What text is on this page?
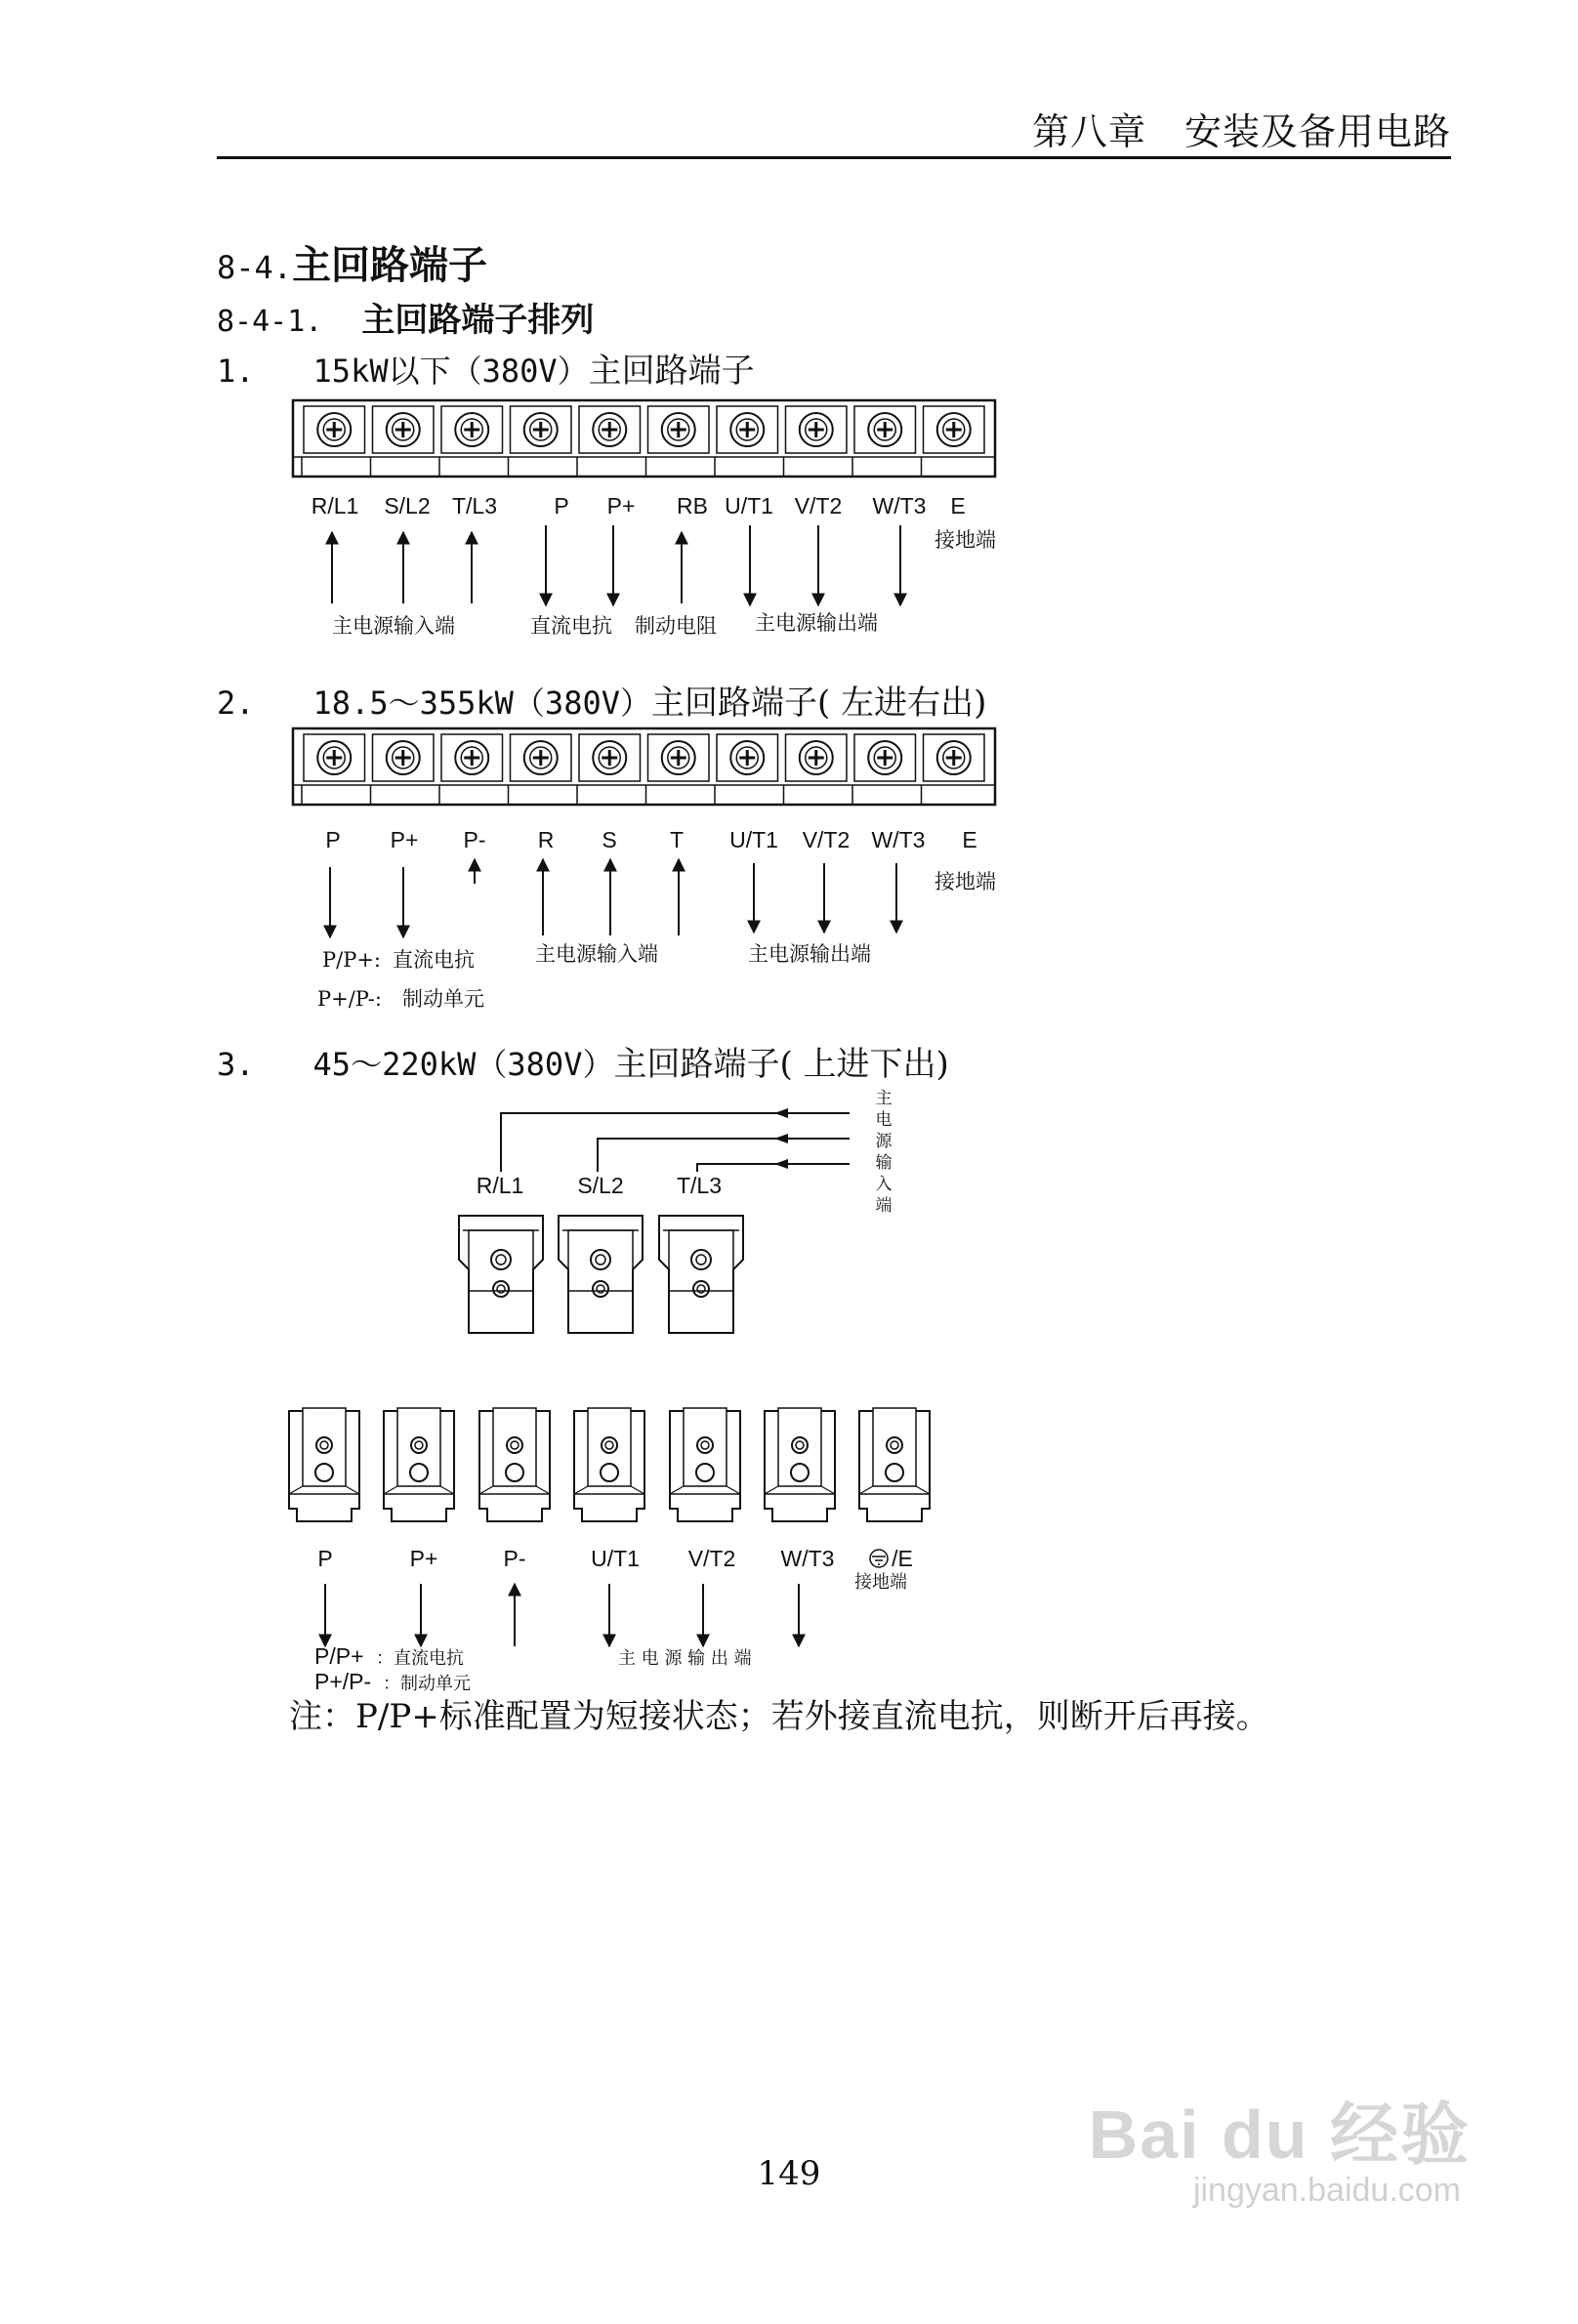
第八章　安装及备用电路
8-4.主回路端子
8-4-1. 主回路端子排列
1. 15kW以下（380V）主回路端子
2. 18.5～355kW（380V）主回路端子( 左进右出)
3. 45～220kW（380V）主回路端子( 上进下出)
R/L1 S/L2 T/L3	P P+ RB U/T1 V/T2 W/T3 E
接地端
主电源输入端	直流电抗 制动电阻 主电源输出端
P P+ P- R S T U/T1 V/T2 W/T3 E
接地端
P/P+: 直流电抗
P+/P-: 制动单元
主电源输入端	主电源输出端
主
电
源
输
入
端
R/L1 S/L2 T/L3
P	P+	P-	U/T1 V/T2 W/T3	/E
接地端
P/P+ ：直流电抗
P+/P- ：制动单元
主 电 源 输 出 端
注：P/P+标准配置为短接状态；若外接直流电抗，则断开后再接。
149
Bai du 经验
jingyan.baidu.com
